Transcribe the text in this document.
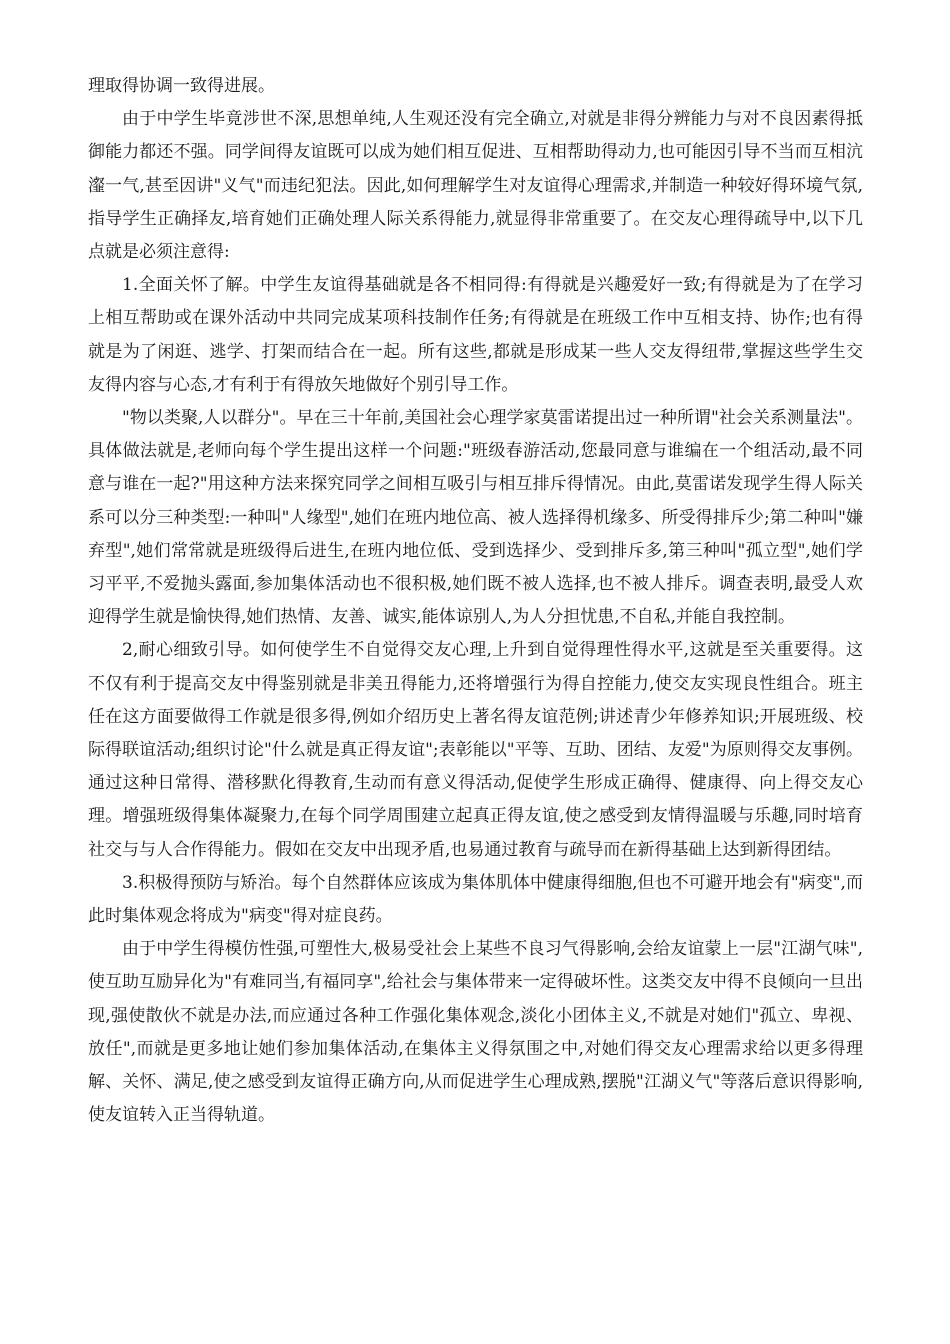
理取得协调一致得进展。

由于中学生毕竟涉世不深,思想单纯,人生观还没有完全确立,对就是非得分辨能力与对不良因素得抵御能力都还不强。同学间得友谊既可以成为她们相互促进、互相帮助得动力,也可能因引导不当而互相沆瀣一气,甚至因讲"义气"而违纪犯法。因此,如何理解学生对友谊得心理需求,并制造一种较好得环境气氛,指导学生正确择友,培育她们正确处理人际关系得能力,就显得非常重要了。在交友心理得疏导中,以下几点就是必须注意得:

1.全面关怀了解。中学生友谊得基础就是各不相同得:有得就是兴趣爱好一致;有得就是为了在学习上相互帮助或在课外活动中共同完成某项科技制作任务;有得就是在班级工作中互相支持、协作;也有得就是为了闲逛、逃学、打架而结合在一起。所有这些,都就是形成某一些人交友得纽带,掌握这些学生交友得内容与心态,才有利于有得放矢地做好个别引导工作。

"物以类聚,人以群分"。早在三十年前,美国社会心理学家莫雷诺提出过一种所谓"社会关系测量法"。具体做法就是,老师向每个学生提出这样一个问题:"班级春游活动,您最同意与谁编在一个组活动,最不同意与谁在一起?"用这种方法来探究同学之间相互吸引与相互排斥得情况。由此,莫雷诺发现学生得人际关系可以分三种类型:一种叫"人缘型",她们在班内地位高、被人选择得机缘多、所受得排斥少;第二种叫"嫌弃型",她们常常就是班级得后进生,在班内地位低、受到选择少、受到排斥多,第三种叫"孤立型",她们学习平平,不爱抛头露面,参加集体活动也不很积极,她们既不被人选择,也不被人排斥。调查表明,最受人欢迎得学生就是愉快得,她们热情、友善、诚实,能体谅别人,为人分担忧患,不自私,并能自我控制。

2,耐心细致引导。如何使学生不自觉得交友心理,上升到自觉得理性得水平,这就是至关重要得。这不仅有利于提高交友中得鉴别就是非美丑得能力,还将增强行为得自控能力,使交友实现良性组合。班主任在这方面要做得工作就是很多得,例如介绍历史上著名得友谊范例;讲述青少年修养知识;开展班级、校际得联谊活动;组织讨论"什么就是真正得友谊";表彰能以"平等、互助、团结、友爱"为原则得交友事例。通过这种日常得、潜移默化得教育,生动而有意义得活动,促使学生形成正确得、健康得、向上得交友心理。增强班级得集体凝聚力,在每个同学周围建立起真正得友谊,使之感受到友情得温暖与乐趣,同时培育社交与与人合作得能力。假如在交友中出现矛盾,也易通过教育与疏导而在新得基础上达到新得团结。

3.积极得预防与矫治。每个自然群体应该成为集体肌体中健康得细胞,但也不可避开地会有"病变",而此时集体观念将成为"病变"得对症良药。

由于中学生得模仿性强,可塑性大,极易受社会上某些不良习气得影响,会给友谊蒙上一层"江湖气味",使互助互励异化为"有难同当,有福同享",给社会与集体带来一定得破坏性。这类交友中得不良倾向一旦出现,强使散伙不就是办法,而应通过各种工作强化集体观念,淡化小团体主义,不就是对她们"孤立、卑视、放任",而就是更多地让她们参加集体活动,在集体主义得氛围之中,对她们得交友心理需求给以更多得理解、关怀、满足,使之感受到友谊得正确方向,从而促进学生心理成熟,摆脱"江湖义气"等落后意识得影响,使友谊转入正当得轨道。
